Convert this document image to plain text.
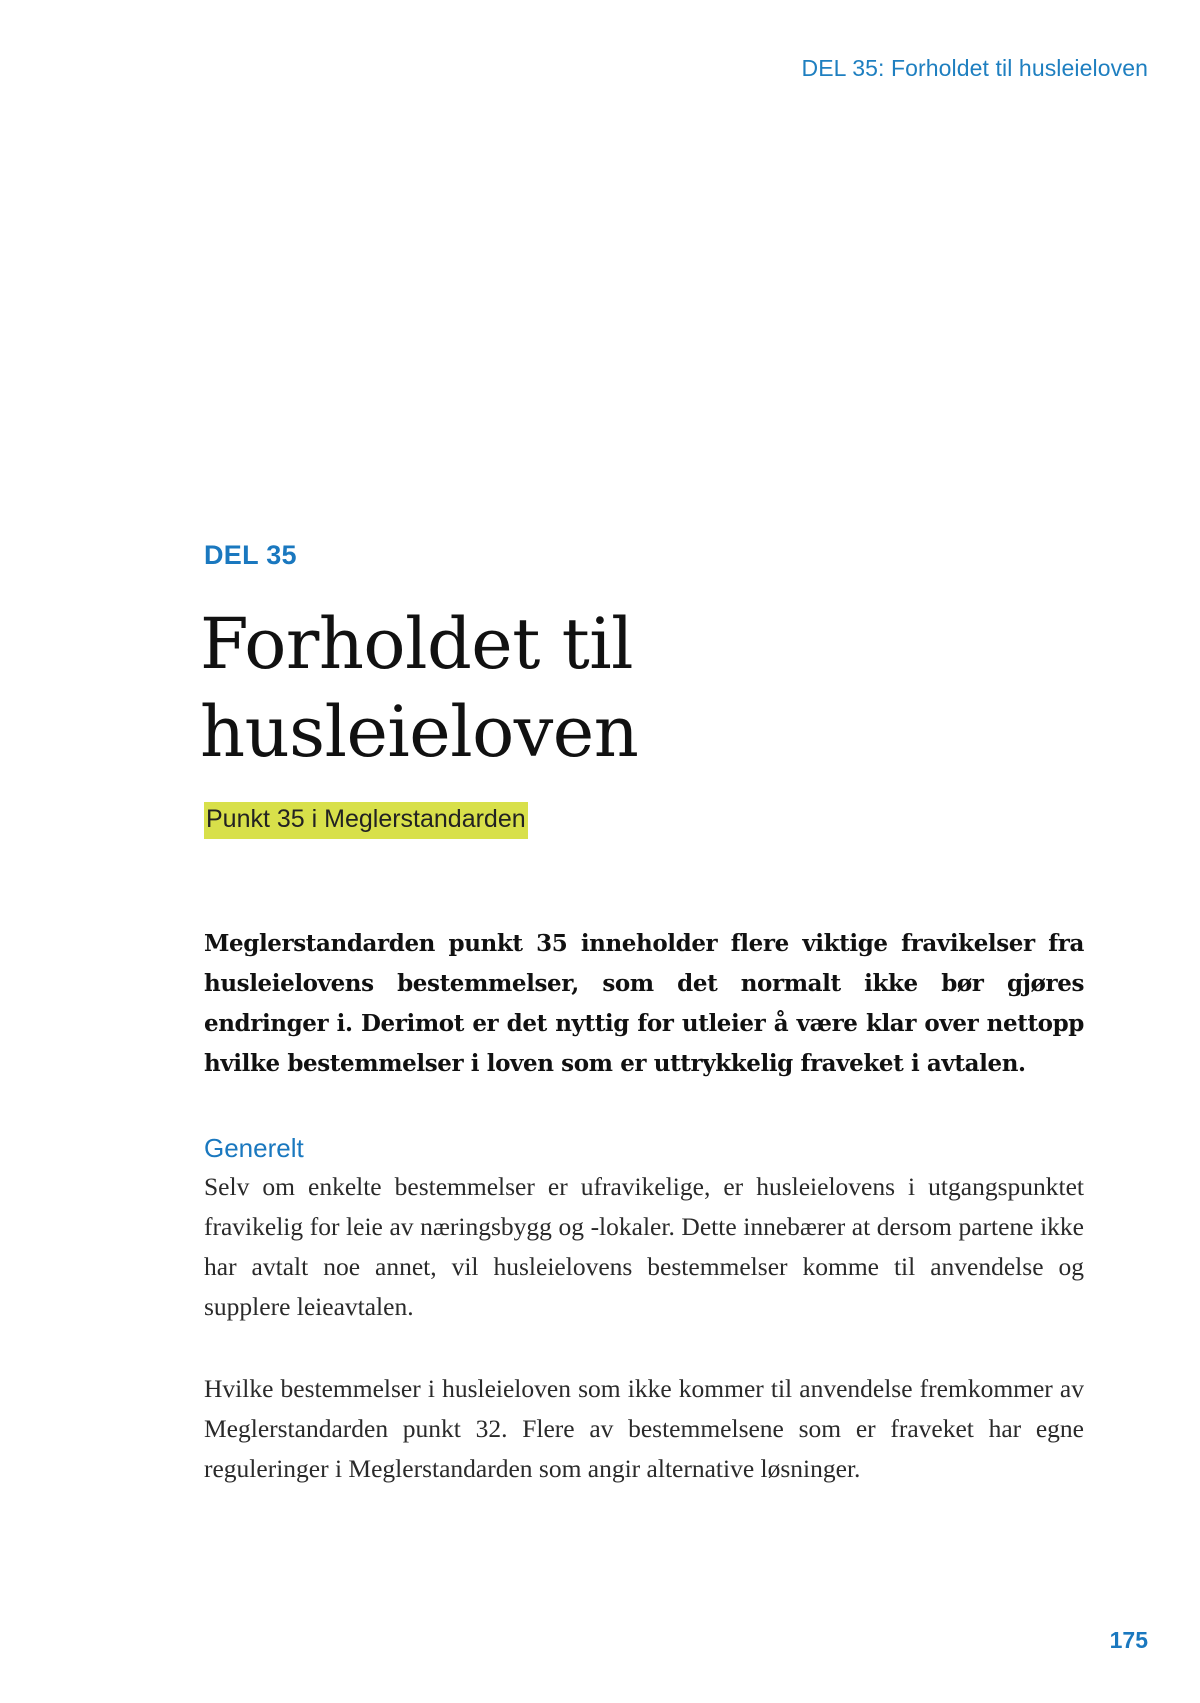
DEL 35: Forholdet til husleieloven
DEL 35
Forholdet til
husleieloven
Punkt 35 i Meglerstandarden

Meglerstandarden punkt 35 inneholder flere viktige fravikelser fra husleielovens bestemmelser, som det normalt ikke bør gjøres endringer i. Derimot er det nyttig for utleier å være klar over nettopp hvilke bestemmelser i loven som er uttrykkelig fraveket i avtalen.

Generelt

Selv om enkelte bestemmelser er ufravikelige, er husleielovens i utgangspunktet fravikelig for leie av næringsbygg og -lokaler. Dette innebærer at dersom partene ikke har avtalt noe annet, vil husleielovens bestemmelser komme til anvendelse og supplere leieavtalen.

Hvilke bestemmelser i husleieloven som ikke kommer til anvendelse fremkommer av Meglerstandarden punkt 32. Flere av bestemmelsene som er fraveket har egne reguleringer i Meglerstandarden som angir alternative løsninger.

175
